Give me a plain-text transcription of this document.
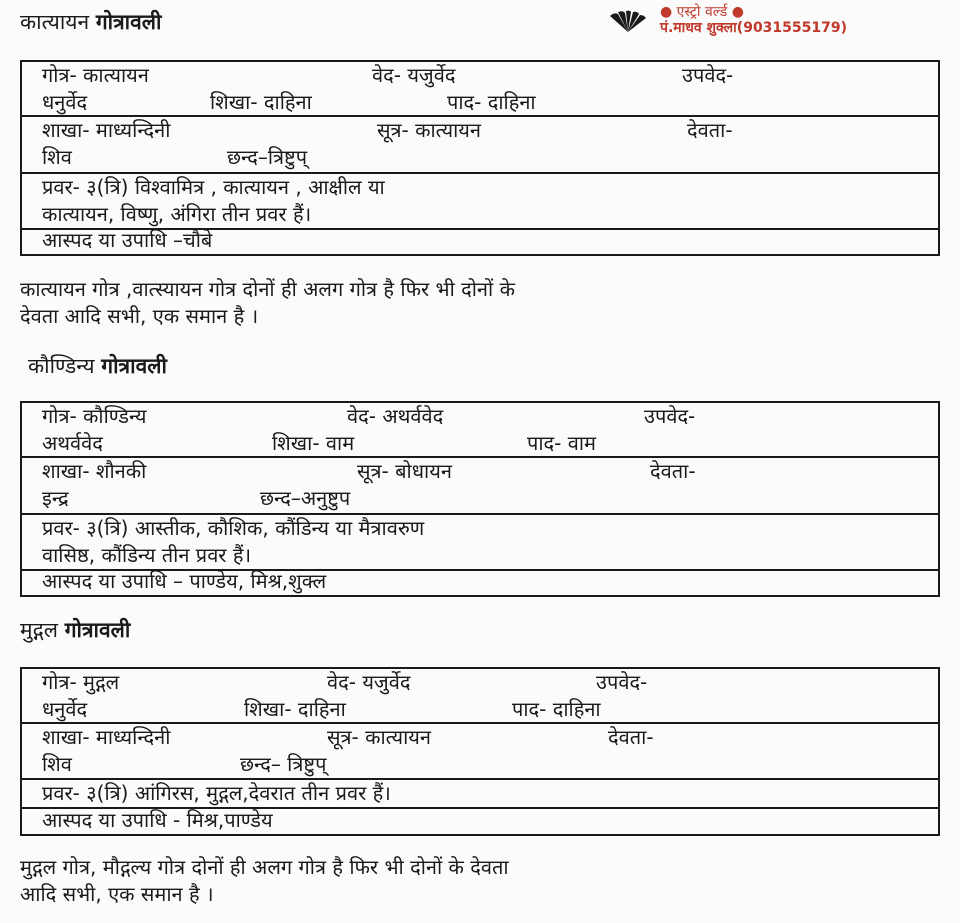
● एस्ट्रो वर्ल्ड ●
पं.माधव शुक्ला(9031555179)
कात्यायन गोत्रावली
गोत्र- कात्यायन	वेद- यजुर्वेद	उपवेद-
धनुर्वेद	शिखा- दाहिना	पाद- दाहिना
शाखा- माध्यन्दिनी	सूत्र- कात्यायन	देवता-
शिव	छन्द–त्रिष्टुप्
प्रवर- ३(त्रि) विश्वामित्र , कात्यायन , आक्षील या
कात्यायन, विष्णु, अंगिरा तीन प्रवर हैं।
आस्पद या उपाधि –चौबे
कात्यायन गोत्र ,वात्स्यायन गोत्र दोनों ही अलग गोत्र है फिर भी दोनों के
देवता आदि सभी, एक समान है ।
कौण्डिन्य गोत्रावली
गोत्र- कौण्डिन्य	वेद- अथर्ववेद	उपवेद-
अथर्ववेद	शिखा- वाम	पाद- वाम
शाखा- शौनकी	सूत्र- बोधायन	देवता-
इन्द्र	छन्द–अनुष्टुप
प्रवर- ३(त्रि) आस्तीक, कौशिक, कौंडिन्य या मैत्रावरुण
वासिष्ठ, कौंडिन्य तीन प्रवर हैं।
आस्पद या उपाधि – पाण्डेय, मिश्र,शुक्ल
मुद्गल गोत्रावली
गोत्र- मुद्गल	वेद- यजुर्वेद	उपवेद-
धनुर्वेद	शिखा- दाहिना	पाद- दाहिना
शाखा- माध्यन्दिनी	सूत्र- कात्यायन	देवता-
शिव	छन्द– त्रिष्टुप्
प्रवर- ३(त्रि) आंगिरस, मुद्गल,देवरात तीन प्रवर हैं।
आस्पद या उपाधि - मिश्र,पाण्डेय
मुद्गल गोत्र, मौद्गल्य गोत्र दोनों ही अलग गोत्र है फिर भी दोनों के देवता
आदि सभी, एक समान है ।
